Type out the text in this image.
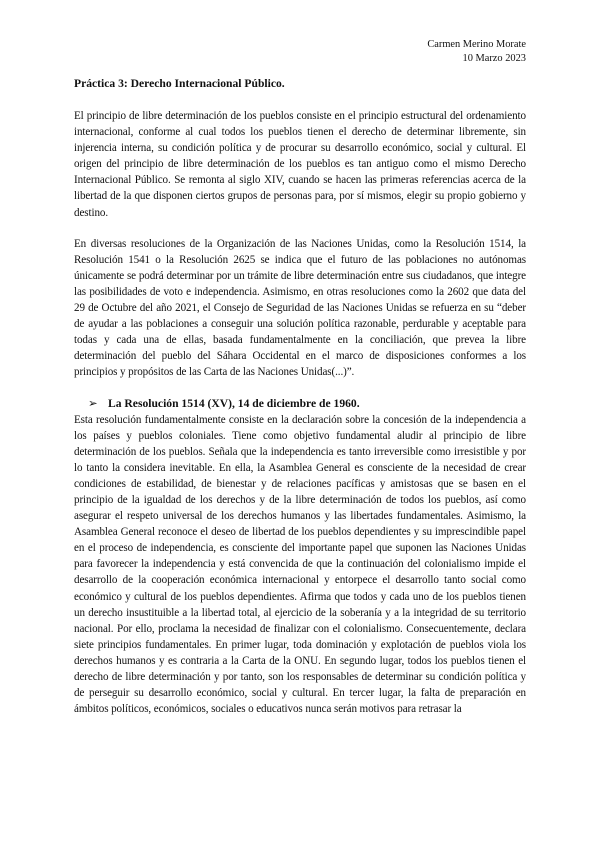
Carmen Merino Morate
10 Marzo 2023
Práctica 3: Derecho Internacional Público.

El principio de libre determinación de los pueblos consiste en el principio estructural del ordenamiento internacional, conforme al cual todos los pueblos tienen el derecho de determinar libremente, sin injerencia interna, su condición política y de procurar su desarrollo económico, social y cultural. El origen del principio de libre determinación de los pueblos es tan antiguo como el mismo Derecho Internacional Público. Se remonta al siglo XIV, cuando se hacen las primeras referencias acerca de la libertad de la que disponen ciertos grupos de personas para, por sí mismos, elegir su propio gobierno y destino.

En diversas resoluciones de la Organización de las Naciones Unidas, como la Resolución 1514, la Resolución 1541 o la Resolución 2625 se indica que el futuro de las poblaciones no autónomas únicamente se podrá determinar por un trámite de libre determinación entre sus ciudadanos, que integre las posibilidades de voto e independencia. Asimismo, en otras resoluciones como la 2602 que data del 29 de Octubre del año 2021, el Consejo de Seguridad de las Naciones Unidas se refuerza en su “deber de ayudar a las poblaciones a conseguir una solución política razonable, perdurable y aceptable para todas y cada una de ellas, basada fundamentalmente en la conciliación, que prevea la libre determinación del pueblo del Sáhara Occidental en el marco de disposiciones conformes a los principios y propósitos de las Carta de las Naciones Unidas(...)”.

➢ La Resolución 1514 (XV), 14 de diciembre de 1960.

Esta resolución fundamentalmente consiste en la declaración sobre la concesión de la independencia a los países y pueblos coloniales. Tiene como objetivo fundamental aludir al principio de libre determinación de los pueblos. Señala que la independencia es tanto irreversible como irresistible y por lo tanto la considera inevitable. En ella, la Asamblea General es consciente de la necesidad de crear condiciones de estabilidad, de bienestar y de relaciones pacíficas y amistosas que se basen en el principio de la igualdad de los derechos y de la libre determinación de todos los pueblos, así como asegurar el respeto universal de los derechos humanos y las libertades fundamentales. Asimismo, la Asamblea General reconoce el deseo de libertad de los pueblos dependientes y su imprescindible papel en el proceso de independencia, es consciente del importante papel que suponen las Naciones Unidas para favorecer la independencia y está convencida de que la continuación del colonialismo impide el desarrollo de la cooperación económica internacional y entorpece el desarrollo tanto social como económico y cultural de los pueblos dependientes. Afirma que todos y cada uno de los pueblos tienen un derecho insustituible a la libertad total, al ejercicio de la soberanía y a la integridad de su territorio nacional. Por ello, proclama la necesidad de finalizar con el colonialismo. Consecuentemente, declara siete principios fundamentales. En primer lugar, toda dominación y explotación de pueblos viola los derechos humanos y es contraria a la Carta de la ONU. En segundo lugar, todos los pueblos tienen el derecho de libre determinación y por tanto, son los responsables de determinar su condición política y de perseguir su desarrollo económico, social y cultural. En tercer lugar, la falta de preparación en ámbitos políticos, económicos, sociales o educativos nunca serán motivos para retrasar la
